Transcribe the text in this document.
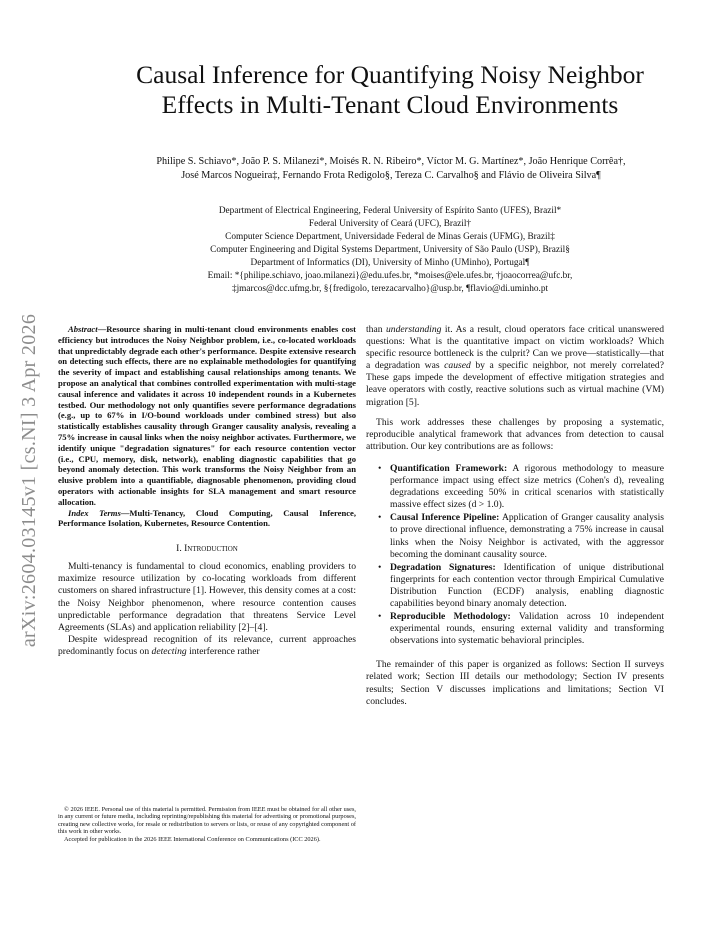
arXiv:2604.03145v1 [cs.NI] 3 Apr 2026
Causal Inference for Quantifying Noisy Neighbor
Effects in Multi-Tenant Cloud Environments
Philipe S. Schiavo*, João P. S. Milanezi*, Moisés R. N. Ribeiro*, Víctor M. G. Martínez*, João Henrique Corrêa†,
José Marcos Nogueira‡, Fernando Frota Redigolo§, Tereza C. Carvalho§ and Flávio de Oliveira Silva¶
Department of Electrical Engineering, Federal University of Espírito Santo (UFES), Brazil*
Federal University of Ceará (UFC), Brazil†
Computer Science Department, Universidade Federal de Minas Gerais (UFMG), Brazil‡
Computer Engineering and Digital Systems Department, University of São Paulo (USP), Brazil§
Department of Informatics (DI), University of Minho (UMinho), Portugal¶
Email: *{philipe.schiavo, joao.milanezi}@edu.ufes.br, *moises@ele.ufes.br, †joaocorrea@ufc.br,
‡jmarcos@dcc.ufmg.br, §{fredigolo, terezacarvalho}@usp.br, ¶flavio@di.uminho.pt

Abstract—Resource sharing in multi-tenant cloud environments enables cost efficiency but introduces the Noisy Neighbor problem, i.e., co-located workloads that unpredictably degrade each other's performance. Despite extensive research on detecting such effects, there are no explainable methodologies for quantifying the severity of impact and establishing causal relationships among tenants. We propose an analytical that combines controlled experimentation with multi-stage causal inference and validates it across 10 independent rounds in a Kubernetes testbed. Our methodology not only quantifies severe performance degradations (e.g., up to 67% in I/O-bound workloads under combined stress) but also statistically establishes causality through Granger causality analysis, revealing a 75% increase in causal links when the noisy neighbor activates. Furthermore, we identify unique "degradation signatures" for each resource contention vector (i.e., CPU, memory, disk, network), enabling diagnostic capabilities that go beyond anomaly detection. This work transforms the Noisy Neighbor from an elusive problem into a quantifiable, diagnosable phenomenon, providing cloud operators with actionable insights for SLA management and smart resource allocation.

Index Terms—Multi-Tenancy, Cloud Computing, Causal Inference, Performance Isolation, Kubernetes, Resource Contention.

I. Introduction

Multi-tenancy is fundamental to cloud economics, enabling providers to maximize resource utilization by co-locating workloads from different customers on shared infrastructure [1]. However, this density comes at a cost: the Noisy Neighbor phenomenon, where resource contention causes unpredictable performance degradation that threatens Service Level Agreements (SLAs) and application reliability [2]–[4].

Despite widespread recognition of its relevance, current approaches predominantly focus on detecting interference rather

© 2026 IEEE. Personal use of this material is permitted. Permission from IEEE must be obtained for all other uses, in any current or future media, including reprinting/republishing this material for advertising or promotional purposes, creating new collective works, for resale or redistribution to servers or lists, or reuse of any copyrighted component of this work in other works.

Accepted for publication in the 2026 IEEE International Conference on Communications (ICC 2026).

than understanding it. As a result, cloud operators face critical unanswered questions: What is the quantitative impact on victim workloads? Which specific resource bottleneck is the culprit? Can we prove—statistically—that a degradation was caused by a specific neighbor, not merely correlated? These gaps impede the development of effective mitigation strategies and leave operators with costly, reactive solutions such as virtual machine (VM) migration [5].

This work addresses these challenges by proposing a systematic, reproducible analytical framework that advances from detection to causal attribution. Our key contributions are as follows:

• Quantification Framework: A rigorous methodology to measure performance impact using effect size metrics (Cohen's d), revealing degradations exceeding 50% in critical scenarios with statistically massive effect sizes (d > 1.0).
• Causal Inference Pipeline: Application of Granger causality analysis to prove directional influence, demonstrating a 75% increase in causal links when the Noisy Neighbor is activated, with the aggressor becoming the dominant causality source.
• Degradation Signatures: Identification of unique distributional fingerprints for each contention vector through Empirical Cumulative Distribution Function (ECDF) analysis, enabling diagnostic capabilities beyond binary anomaly detection.
• Reproducible Methodology: Validation across 10 independent experimental rounds, ensuring external validity and transforming observations into systematic behavioral principles.

The remainder of this paper is organized as follows: Section II surveys related work; Section III details our methodology; Section IV presents results; Section V discusses implications and limitations; Section VI concludes.
